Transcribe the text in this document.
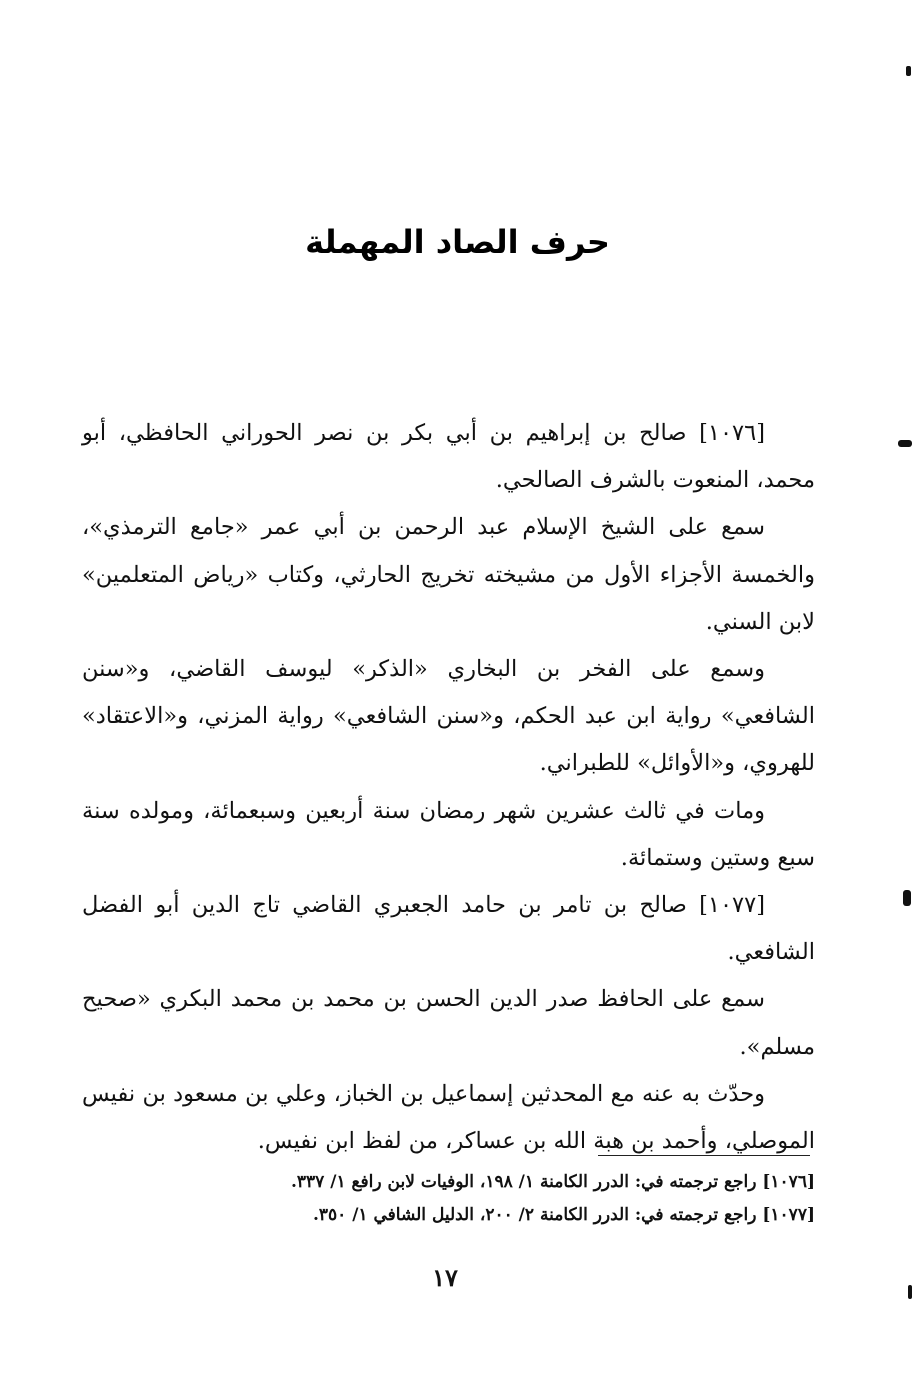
حرف الصاد المهملة

[١٠٧٦] صالح بن إبراهيم بن أبي بكر بن نصر الحوراني الحافظي، أبو محمد، المنعوت بالشرف الصالحي.

سمع على الشيخ الإسلام عبد الرحمن بن أبي عمر «جامع الترمذي»، والخمسة الأجزاء الأول من مشيخته تخريج الحارثي، وكتاب «رياض المتعلمين» لابن السني.

وسمع على الفخر بن البخاري «الذكر» ليوسف القاضي، و«سنن الشافعي» رواية ابن عبد الحكم، و«سنن الشافعي» رواية المزني، و«الاعتقاد» للهروي، و«الأوائل» للطبراني.

ومات في ثالث عشرين شهر رمضان سنة أربعين وسبعمائة، ومولده سنة سبع وستين وستمائة.

[١٠٧٧] صالح بن تامر بن حامد الجعبري القاضي تاج الدين أبو الفضل الشافعي.

سمع على الحافظ صدر الدين الحسن بن محمد بن محمد البكري «صحيح مسلم».

وحدّث به عنه مع المحدثين إسماعيل بن الخباز، وعلي بن مسعود بن نفيس الموصلي، وأحمد بن هبة الله بن عساكر، من لفظ ابن نفيس.

[١٠٧٦] راجع ترجمته في: الدرر الكامنة ١/ ١٩٨، الوفيات لابن رافع ١/ ٣٣٧.

[١٠٧٧] راجع ترجمته في: الدرر الكامنة ٢/ ٢٠٠، الدليل الشافي ١/ ٣٥٠.

١٧
